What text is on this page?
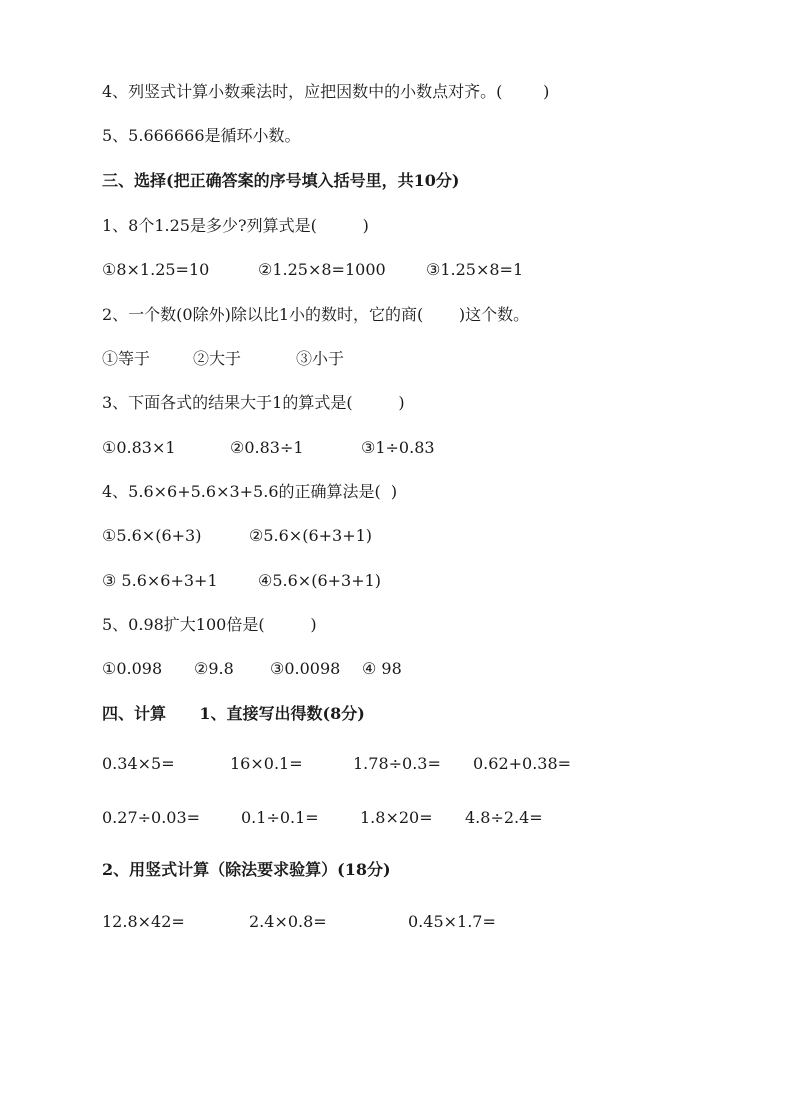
4、列竖式计算小数乘法时，应把因数中的小数点对齐。(        )
5、5.666666是循环小数。
三、选择(把正确答案的序号填入括号里，共10分)
1、8个1.25是多少?列算式是(         )
①8×1.25=10	②1.25×8=1000	③1.25×8=1
2、一个数(0除外)除以比1小的数时，它的商(       )这个数。
①等于	②大于	③小于
3、下面各式的结果大于1的算式是(         )
①0.83×1	②0.83÷1	③1÷0.83
4、5.6×6+5.6×3+5.6的正确算法是(  )
①5.6×(6+3)	②5.6×(6+3+1)
③ 5.6×6+3+1	④5.6×(6+3+1)
5、0.98扩大100倍是(         )
①0.098 ②9.8 ③0.0098 ④ 98
四、计算      1、直接写出得数(8分)
0.34×5=	16×0.1=	1.78÷0.3= 0.62+0.38=
0.27÷0.03=	0.1÷0.1=	1.8×20= 4.8÷2.4=
2、用竖式计算（除法要求验算）(18分)
12.8×42=	2.4×0.8=	0.45×1.7=
